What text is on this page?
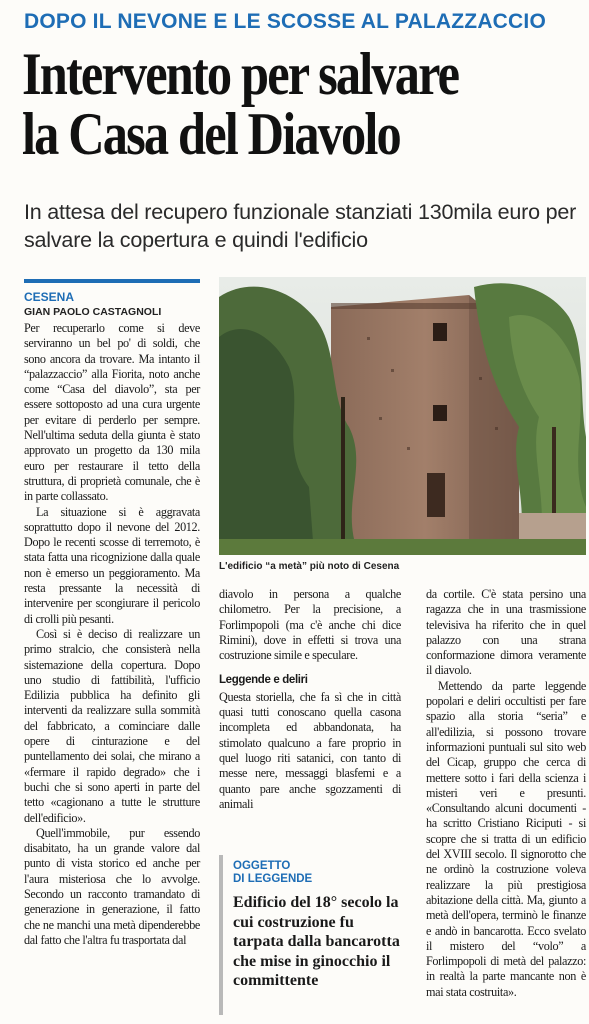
DOPO IL NEVONE E LE SCOSSE AL PALAZZACCIO
Intervento per salvare
la Casa del Diavolo
In attesa del recupero funzionale stanziati 130mila euro per salvare la copertura e quindi l'edificio
CESENA
GIAN PAOLO CASTAGNOLI

Per recuperarlo come si deve serviranno un bel po' di soldi, che sono ancora da trovare. Ma intanto il “palazzaccio” alla Fiorita, noto anche come “Casa del diavolo”, sta per essere sottoposto ad una cura urgente per evitare di perderlo per sempre. Nell'ultima seduta della giunta è stato approvato un progetto da 130 mila euro per restaurare il tetto della struttura, di proprietà comunale, che è in parte collassato.

La situazione si è aggravata soprattutto dopo il nevone del 2012. Dopo le recenti scosse di terremoto, è stata fatta una ricognizione dalla quale non è emerso un peggioramento. Ma resta pressante la necessità di intervenire per scongiurare il pericolo di crolli più pesanti.

Così si è deciso di realizzare un primo stralcio, che consisterà nella sistemazione della copertura. Dopo uno studio di fattibilità, l'ufficio Edilizia pubblica ha definito gli interventi da realizzare sulla sommità del fabbricato, a cominciare dalle opere di cinturazione e del puntellamento dei solai, che mirano a «fermare il rapido degrado» che i buchi che si sono aperti in parte del tetto «cagionano a tutte le strutture dell'edificio».

Quell'immobile, pur essendo disabitato, ha un grande valore dal punto di vista storico ed anche per l'aura misteriosa che lo avvolge. Secondo un racconto tramandato di generazione in generazione, il fatto che ne manchi una metà dipenderebbe dal fatto che l'altra fu trasportata dal

L'edificio “a metà” più noto di Cesena

diavolo in persona a qualche chilometro. Per la precisione, a Forlimpopoli (ma c'è anche chi dice Rimini), dove in effetti si trova una costruzione simile e speculare.

Leggende e deliri

Questa storiella, che fa sì che in città quasi tutti conoscano quella casona incompleta ed abbandonata, ha stimolato qualcuno a fare proprio in quel luogo riti satanici, con tanto di messe nere, messaggi blasfemi e a quanto pare anche sgozzamenti di animali

OGGETTO
DI LEGGENDE
Edificio del 18° secolo la cui costruzione fu tarpata dalla bancarotta che mise in ginocchio il committente

da cortile. C'è stata persino una ragazza che in una trasmissione televisiva ha riferito che in quel palazzo con una strana conformazione dimora veramente il diavolo.

Mettendo da parte leggende popolari e deliri occultisti per fare spazio alla storia “seria” e all'edilizia, si possono trovare informazioni puntuali sul sito web del Cicap, gruppo che cerca di mettere sotto i fari della scienza i misteri veri e presunti. «Consultando alcuni documenti - ha scritto Cristiano Riciputi - si scopre che si tratta di un edificio del XVIII secolo. Il signorotto che ne ordinò la costruzione voleva realizzare la più prestigiosa abitazione della città. Ma, giunto a metà dell'opera, terminò le finanze e andò in bancarotta. Ecco svelato il mistero del “volo” a Forlimpopoli di metà del palazzo: in realtà la parte mancante non è mai stata costruita».
